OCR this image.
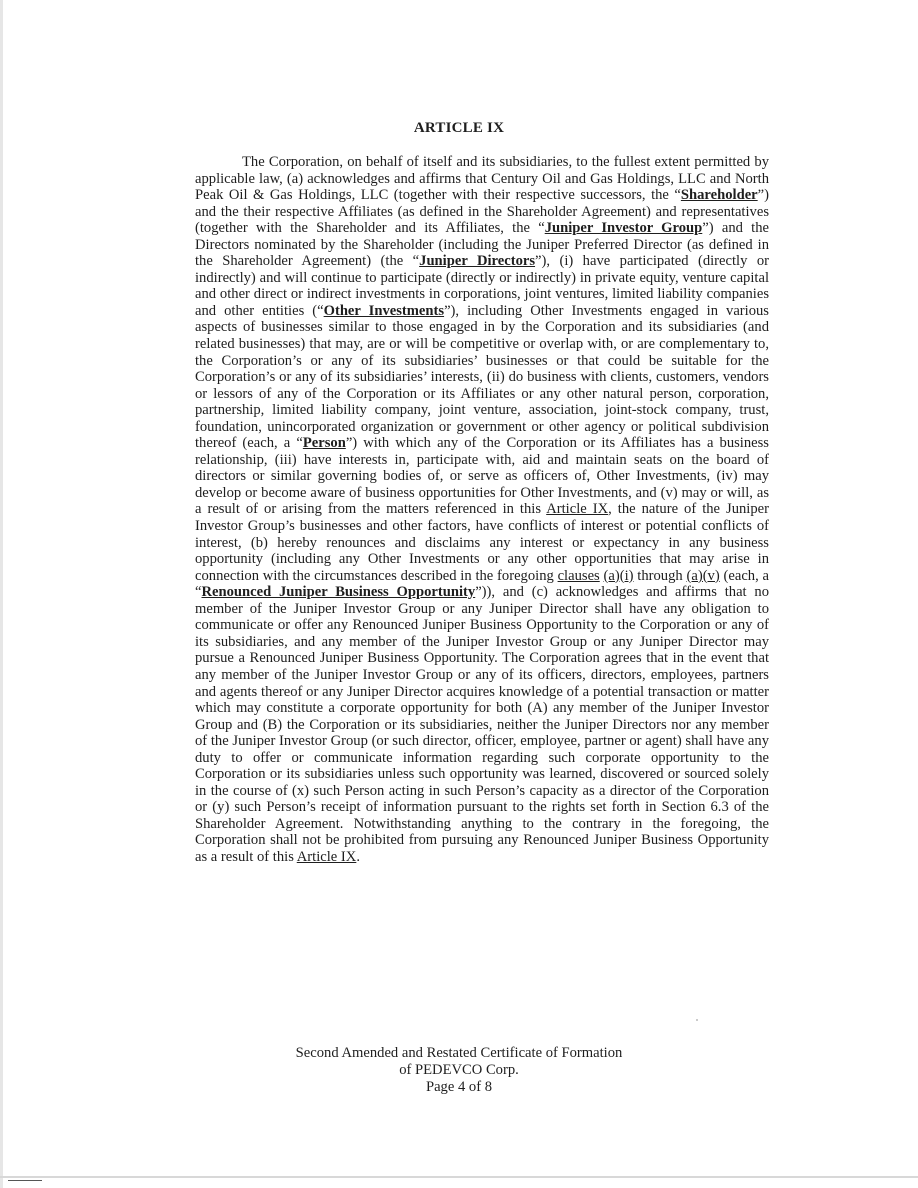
ARTICLE IX

The Corporation, on behalf of itself and its subsidiaries, to the fullest extent permitted by applicable law, (a) acknowledges and affirms that Century Oil and Gas Holdings, LLC and North Peak Oil & Gas Holdings, LLC (together with their respective successors, the “Shareholder”) and the their respective Affiliates (as defined in the Shareholder Agreement) and representatives (together with the Shareholder and its Affiliates, the “Juniper Investor Group”) and the Directors nominated by the Shareholder (including the Juniper Preferred Director (as defined in the Shareholder Agreement) (the “Juniper Directors”), (i) have participated (directly or indirectly) and will continue to participate (directly or indirectly) in private equity, venture capital and other direct or indirect investments in corporations, joint ventures, limited liability companies and other entities (“Other Investments”), including Other Investments engaged in various aspects of businesses similar to those engaged in by the Corporation and its subsidiaries (and related businesses) that may, are or will be competitive or overlap with, or are complementary to, the Corporation’s or any of its subsidiaries’ businesses or that could be suitable for the Corporation’s or any of its subsidiaries’ interests, (ii) do business with clients, customers, vendors or lessors of any of the Corporation or its Affiliates or any other natural person, corporation, partnership, limited liability company, joint venture, association, joint-stock company, trust, foundation, unincorporated organization or government or other agency or political subdivision thereof (each, a “Person”) with which any of the Corporation or its Affiliates has a business relationship, (iii) have interests in, participate with, aid and maintain seats on the board of directors or similar governing bodies of, or serve as officers of, Other Investments, (iv) may develop or become aware of business opportunities for Other Investments, and (v) may or will, as a result of or arising from the matters referenced in this Article IX, the nature of the Juniper Investor Group’s businesses and other factors, have conflicts of interest or potential conflicts of interest, (b) hereby renounces and disclaims any interest or expectancy in any business opportunity (including any Other Investments or any other opportunities that may arise in connection with the circumstances described in the foregoing clauses (a)(i) through (a)(v) (each, a “Renounced Juniper Business Opportunity”)), and (c) acknowledges and affirms that no member of the Juniper Investor Group or any Juniper Director shall have any obligation to communicate or offer any Renounced Juniper Business Opportunity to the Corporation or any of its subsidiaries, and any member of the Juniper Investor Group or any Juniper Director may pursue a Renounced Juniper Business Opportunity. The Corporation agrees that in the event that any member of the Juniper Investor Group or any of its officers, directors, employees, partners and agents thereof or any Juniper Director acquires knowledge of a potential transaction or matter which may constitute a corporate opportunity for both (A) any member of the Juniper Investor Group and (B) the Corporation or its subsidiaries, neither the Juniper Directors nor any member of the Juniper Investor Group (or such director, officer, employee, partner or agent) shall have any duty to offer or communicate information regarding such corporate opportunity to the Corporation or its subsidiaries unless such opportunity was learned, discovered or sourced solely in the course of (x) such Person acting in such Person’s capacity as a director of the Corporation or (y) such Person’s receipt of information pursuant to the rights set forth in Section 6.3 of the Shareholder Agreement. Notwithstanding anything to the contrary in the foregoing, the Corporation shall not be prohibited from pursuing any Renounced Juniper Business Opportunity as a result of this Article IX.

Second Amended and Restated Certificate of Formation
of PEDEVCO Corp.
Page 4 of 8
